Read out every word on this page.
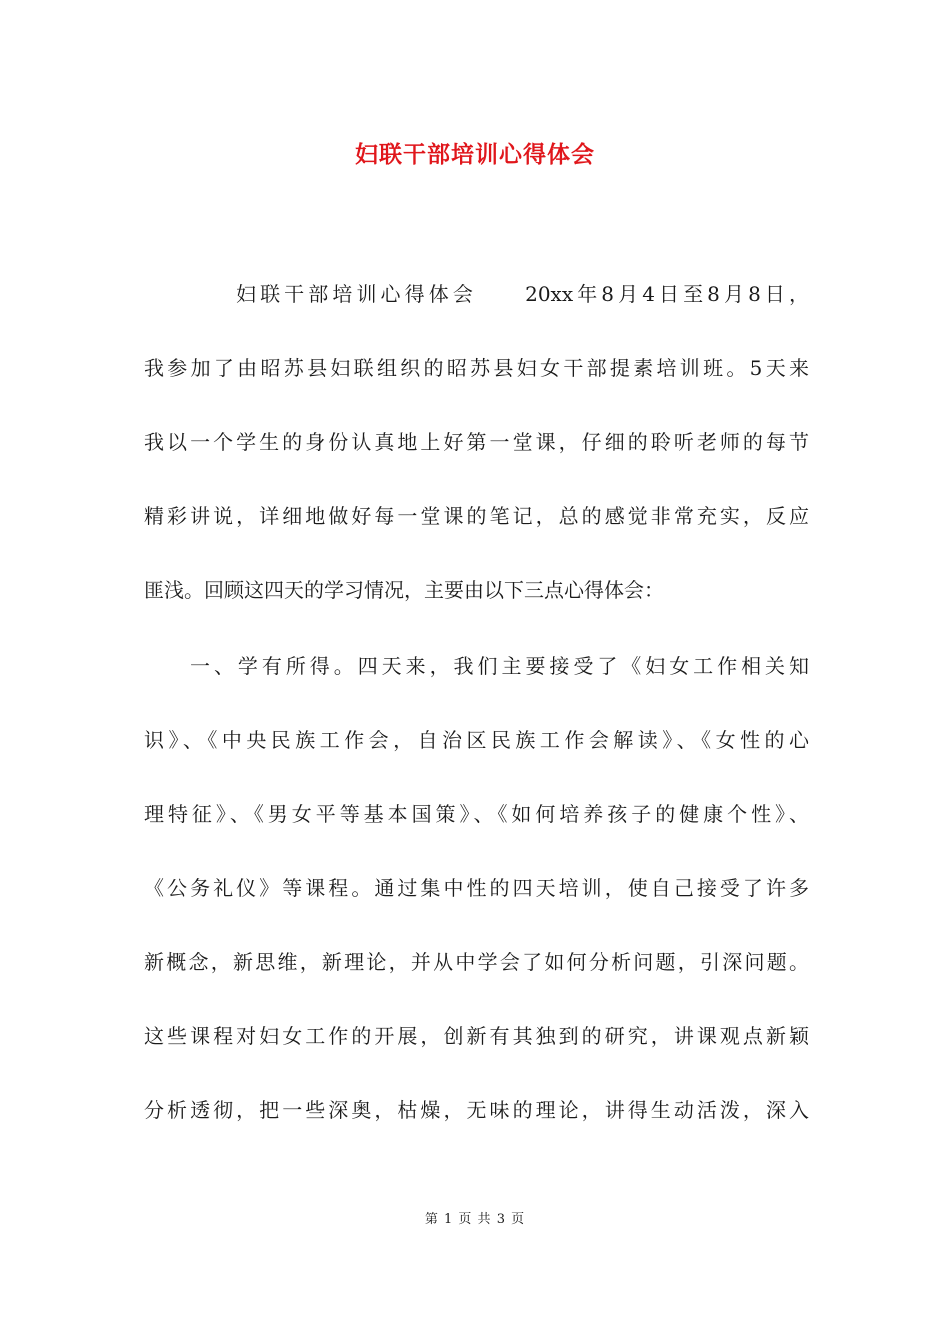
妇联干部培训心得体会

妇联干部培训心得体会　　20xx年8月4日至8月8日，

我参加了由昭苏县妇联组织的昭苏县妇女干部提素培训班。5天来

我以一个学生的身份认真地上好第一堂课，仔细的聆听老师的每节

精彩讲说，详细地做好每一堂课的笔记，总的感觉非常充实，反应

匪浅。回顾这四天的学习情况，主要由以下三点心得体会：

一、学有所得。四天来，我们主要接受了《妇女工作相关知

识》、《中央民族工作会，自治区民族工作会解读》、《女性的心

理特征》、《男女平等基本国策》、《如何培养孩子的健康个性》、

《公务礼仪》等课程。通过集中性的四天培训，使自己接受了许多

新概念，新思维，新理论，并从中学会了如何分析问题，引深问题。

这些课程对妇女工作的开展，创新有其独到的研究，讲课观点新颖

分析透彻，把一些深奥，枯燥，无味的理论，讲得生动活泼，深入

第 1 页 共 3 页
